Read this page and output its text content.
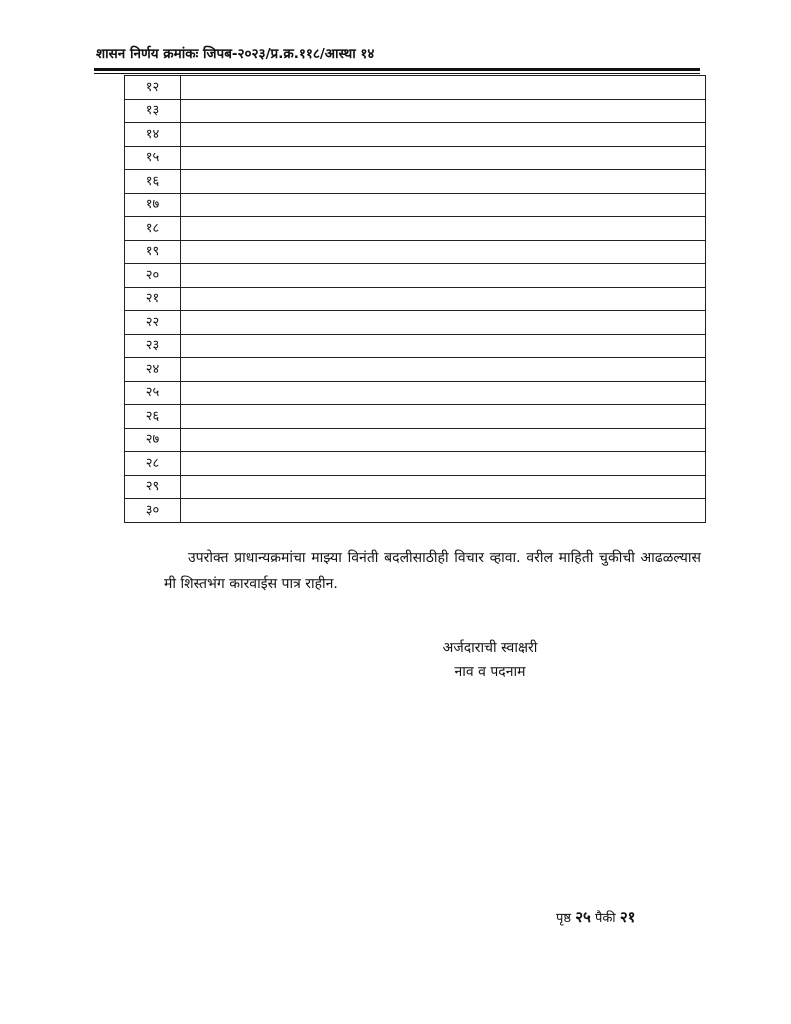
शासन निर्णय क्रमांकः जिपब-२०२३/प्र.क्र.११८/आस्था १४
१२	
१३	
१४	
१५	
१६	
१७	
१८	
१९	
२०	
२१	
२२	
२३	
२४	
२५	
२६	
२७	
२८	
२९	
३०	
उपरोक्त प्राधान्यक्रमांचा माझ्या विनंती बदलीसाठीही विचार व्हावा. वरील माहिती चुकीची आढळल्यास मी शिस्तभंग कारवाईस पात्र राहीन.
अर्जदाराची स्वाक्षरी
नाव व पदनाम
पृष्ठ २५ पैकी २१
